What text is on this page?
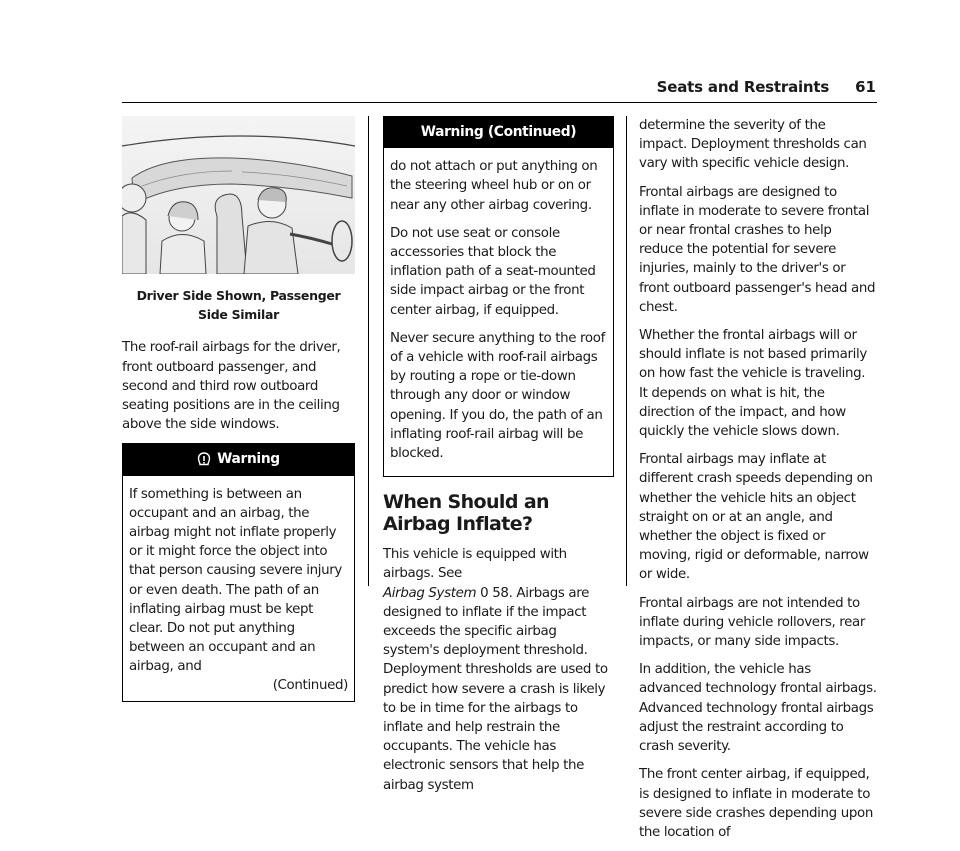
Seats and Restraints 61
Driver Side Shown, Passenger Side Similar

The roof-rail airbags for the driver, front outboard passenger, and second and third row outboard seating positions are in the ceiling above the side windows.

Warning

If something is between an occupant and an airbag, the airbag might not inflate properly or it might force the object into that person causing severe injury or even death. The path of an inflating airbag must be kept clear. Do not put anything between an occupant and an airbag, and

(Continued)
Warning (Continued)

do not attach or put anything on the steering wheel hub or on or near any other airbag covering.

Do not use seat or console accessories that block the inflation path of a seat-mounted side impact airbag or the front center airbag, if equipped.

Never secure anything to the roof of a vehicle with roof-rail airbags by routing a rope or tie-down through any door or window opening. If you do, the path of an inflating roof-rail airbag will be blocked.

When Should an Airbag Inflate?

This vehicle is equipped with airbags. See
Airbag System 0 58. Airbags are designed to inflate if the impact exceeds the specific airbag system's deployment threshold. Deployment thresholds are used to predict how severe a crash is likely to be in time for the airbags to inflate and help restrain the occupants. The vehicle has electronic sensors that help the airbag system

determine the severity of the impact. Deployment thresholds can vary with specific vehicle design.

Frontal airbags are designed to inflate in moderate to severe frontal or near frontal crashes to help reduce the potential for severe injuries, mainly to the driver's or front outboard passenger's head and chest.

Whether the frontal airbags will or should inflate is not based primarily on how fast the vehicle is traveling. It depends on what is hit, the direction of the impact, and how quickly the vehicle slows down.

Frontal airbags may inflate at different crash speeds depending on whether the vehicle hits an object straight on or at an angle, and whether the object is fixed or moving, rigid or deformable, narrow or wide.

Frontal airbags are not intended to inflate during vehicle rollovers, rear impacts, or many side impacts.

In addition, the vehicle has advanced technology frontal airbags. Advanced technology frontal airbags adjust the restraint according to crash severity.

The front center airbag, if equipped, is designed to inflate in moderate to severe side crashes depending upon the location of
